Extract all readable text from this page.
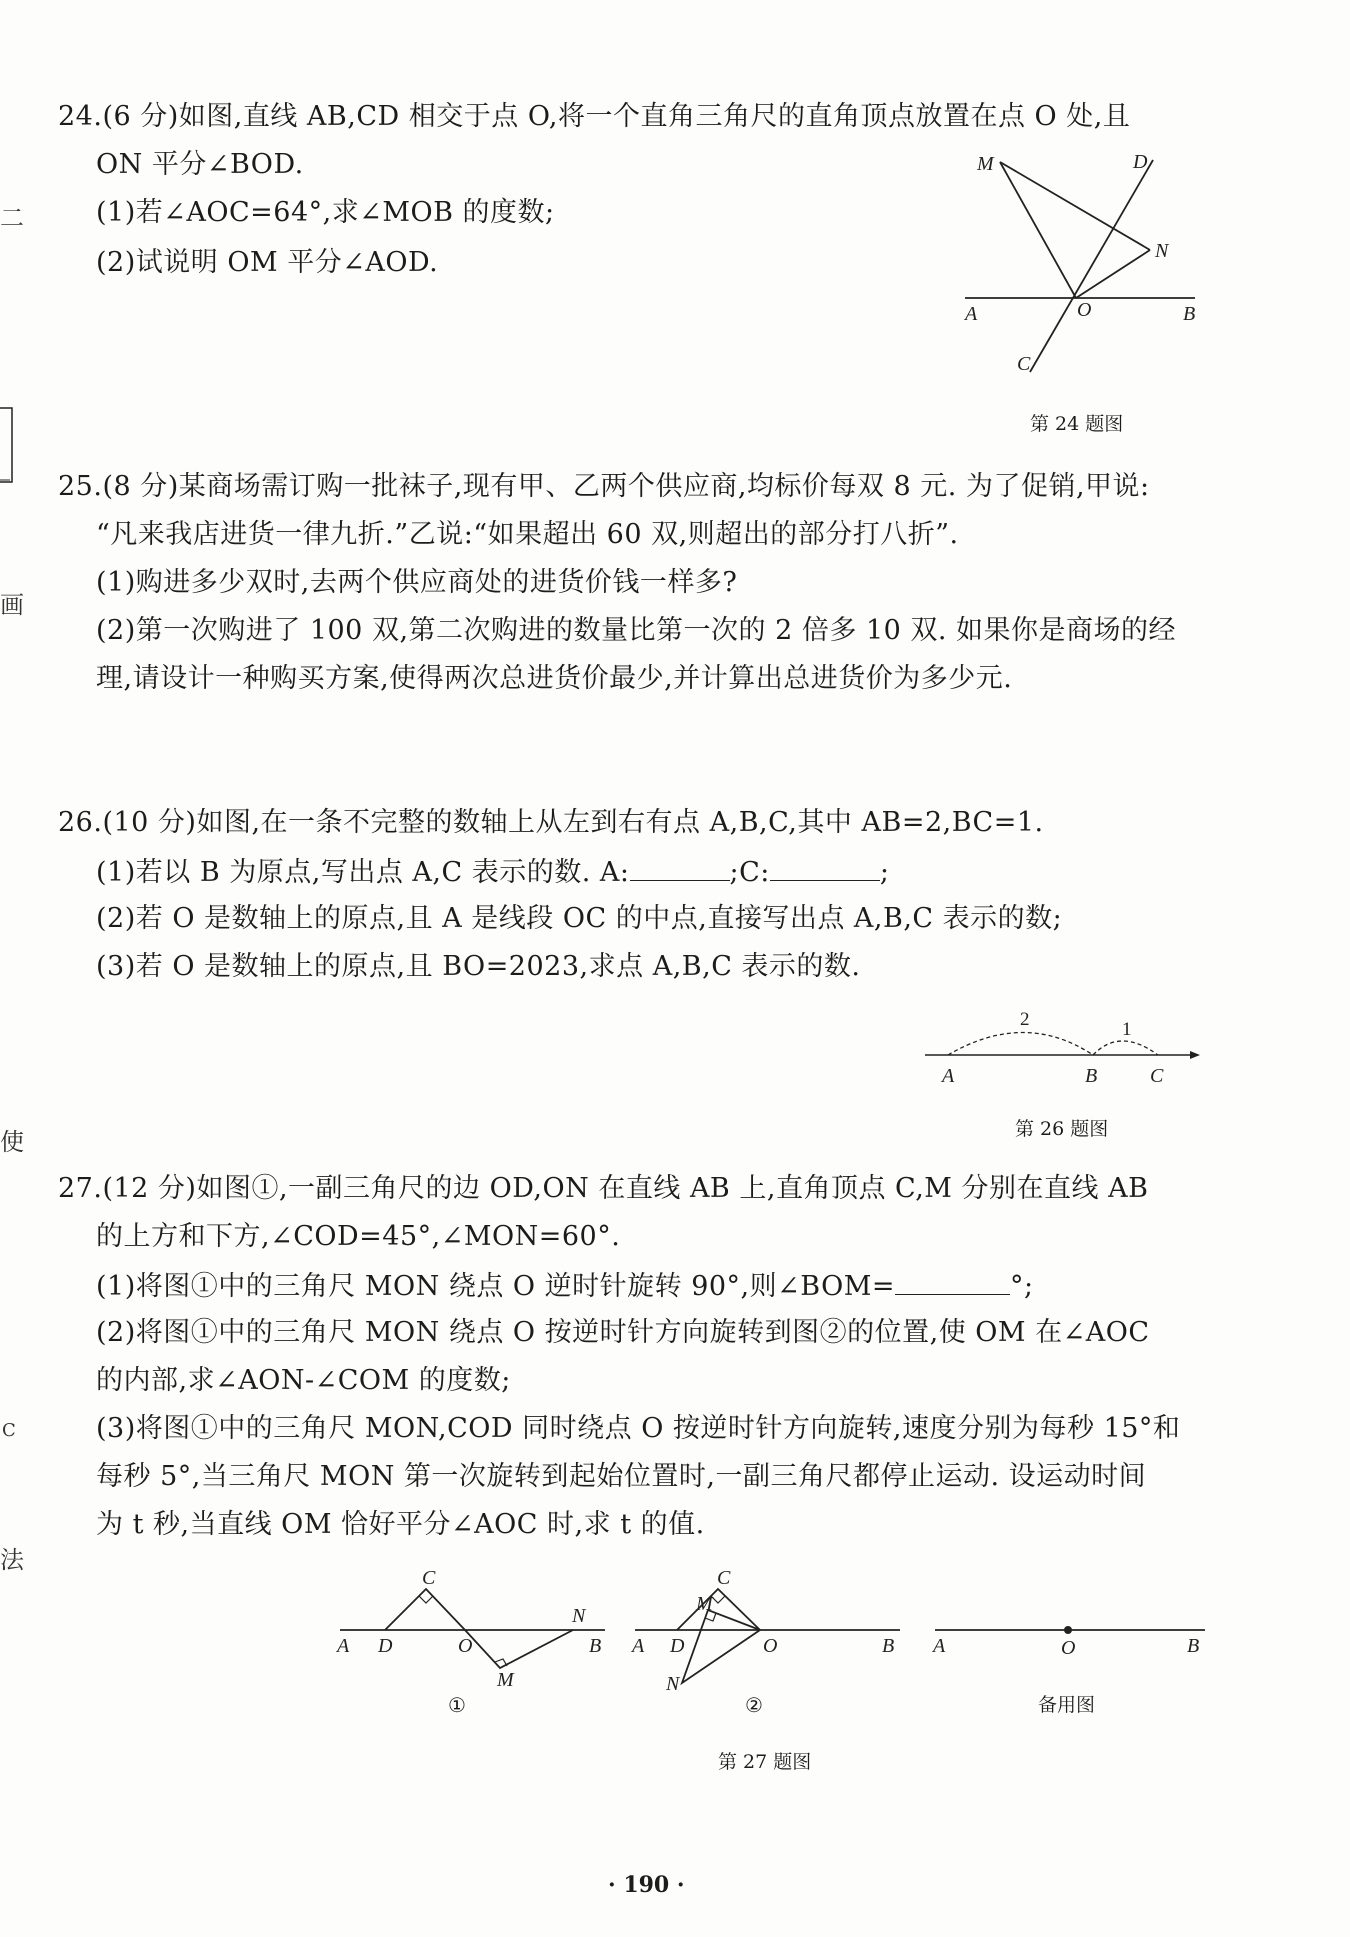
二
画
使
C
法
24.(6 分)如图,直线 AB,CD 相交于点 O,将一个直角三角尺的直角顶点放置在点 O 处,且
ON 平分∠BOD.
(1)若∠AOC=64°,求∠MOB 的度数;
(2)试说明 OM 平分∠AOD.
M	D
N
A	O	B
C
第 24 题图
25.(8 分)某商场需订购一批袜子,现有甲、乙两个供应商,均标价每双 8 元. 为了促销,甲说:
“凡来我店进货一律九折.”乙说:“如果超出 60 双,则超出的部分打八折”.
(1)购进多少双时,去两个供应商处的进货价钱一样多?
(2)第一次购进了 100 双,第二次购进的数量比第一次的 2 倍多 10 双. 如果你是商场的经
理,请设计一种购买方案,使得两次总进货价最少,并计算出总进货价为多少元.
26.(10 分)如图,在一条不完整的数轴上从左到右有点 A,B,C,其中 AB=2,BC=1.
(1)若以 B 为原点,写出点 A,C 表示的数. A:	;C:	;
(2)若 O 是数轴上的原点,且 A 是线段 OC 的中点,直接写出点 A,B,C 表示的数;
(3)若 O 是数轴上的原点,且 BO=2023,求点 A,B,C 表示的数.
2	1
A	B	C
第 26 题图
27.(12 分)如图①,一副三角尺的边 OD,ON 在直线 AB 上,直角顶点 C,M 分别在直线 AB
的上方和下方,∠COD=45°,∠MON=60°.
(1)将图①中的三角尺 MON 绕点 O 逆时针旋转 90°,则∠BOM=	°;
(2)将图①中的三角尺 MON 绕点 O 按逆时针方向旋转到图②的位置,使 OM 在∠AOC
的内部,求∠AON-∠COM 的度数;
(3)将图①中的三角尺 MON,COD 同时绕点 O 按逆时针方向旋转,速度分别为每秒 15°和
每秒 5°,当三角尺 MON 第一次旋转到起始位置时,一副三角尺都停止运动. 设运动时间
为 t 秒,当直线 OM 恰好平分∠AOC 时,求 t 的值.
C
A D	O
M
N
B
①
C
M
A D	O
N
B
②
A	O	B
备用图
第 27 题图
· 190 ·
